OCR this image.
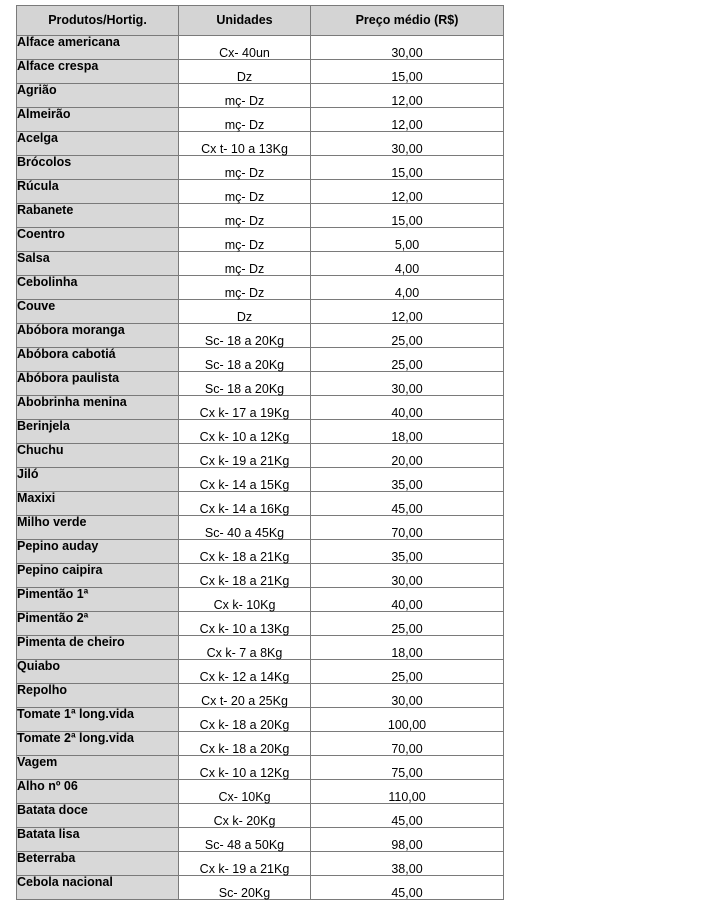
Produtos/Hortig.	Unidades	Preço médio (R$)
Alface americana	Cx- 40un	30,00
Alface crespa	Dz	15,00
Agrião	mç- Dz	12,00
Almeirão	mç- Dz	12,00
Acelga	Cx t- 10 a 13Kg	30,00
Brócolos	mç- Dz	15,00
Rúcula	mç- Dz	12,00
Rabanete	mç- Dz	15,00
Coentro	mç- Dz	5,00
Salsa	mç- Dz	4,00
Cebolinha	mç- Dz	4,00
Couve	Dz	12,00
Abóbora moranga	Sc- 18 a 20Kg	25,00
Abóbora cabotiá	Sc- 18 a 20Kg	25,00
Abóbora paulista	Sc- 18 a 20Kg	30,00
Abobrinha menina	Cx k- 17 a 19Kg	40,00
Berinjela	Cx k- 10 a 12Kg	18,00
Chuchu	Cx k- 19 a 21Kg	20,00
Jiló	Cx k- 14 a 15Kg	35,00
Maxixi	Cx k- 14 a 16Kg	45,00
Milho verde	Sc- 40 a 45Kg	70,00
Pepino auday	Cx k- 18 a 21Kg	35,00
Pepino caipira	Cx k- 18 a 21Kg	30,00
Pimentão 1ª	Cx k- 10Kg	40,00
Pimentão 2ª	Cx k- 10 a 13Kg	25,00
Pimenta de cheiro	Cx k- 7 a 8Kg	18,00
Quiabo	Cx k- 12 a 14Kg	25,00
Repolho	Cx t- 20 a 25Kg	30,00
Tomate 1ª long.vida	Cx k- 18 a 20Kg	100,00
Tomate 2ª long.vida	Cx k- 18 a 20Kg	70,00
Vagem	Cx k- 10 a 12Kg	75,00
Alho nº 06	Cx- 10Kg	110,00
Batata doce	Cx k- 20Kg	45,00
Batata lisa	Sc- 48 a 50Kg	98,00
Beterraba	Cx k- 19 a 21Kg	38,00
Cebola nacional	Sc- 20Kg	45,00
